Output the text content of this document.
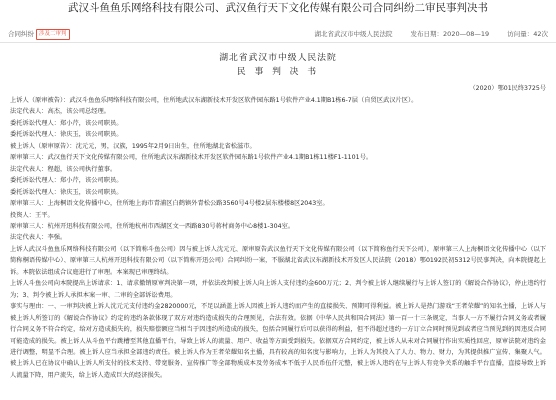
武汉斗鱼鱼乐网络科技有限公司、武汉鱼行天下文化传媒有限公司合同纠纷二审民事判决书
合同纠纷 涉及二审判	湖北省武汉市中级人民法院	发布日期：2020—08—19	访问量：42次
湖北省武汉市中级人民法院
民 事 判 决 书
（2020）鄂01民终3725号
上诉人（原审被告）：武汉斗鱼鱼乐网络科技有限公司，住所地武汉东湖新技术开发区软件园东路1号软件产业4.1期B1栋6-7层（自贸区武汉片区）。
法定代表人：高杰，该公司总经理。
委托诉讼代理人：郑小芹，该公司职员。
委托诉讼代理人：徐庆玉，该公司职员。
被上诉人（原审原告）：沈元元，男，汉族，1995年2月9日出生，住所地湖北省松滋市。
原审第三人：武汉鱼行天下文化传媒有限公司，住所地武汉东湖新技术开发区软件园东路1号软件产业4.1期B1栋11楼F1-1101号。
法定代表人：程超，该公司执行董事。
委托诉讼代理人：郑小芹，该公司职员。
委托诉讼代理人：徐庆玉，该公司职员。
原审第三人：上海桐语文化传播中心，住所地上海市青浦区白鹤镇外青松公路3560号4号楼2层东楼楼8区2043室。
投资人：王平。
原审第三人：杭州开迅科技有限公司，住所地杭州市西湖区文一西路830号蒋村商务中心8楼1-304室。
法定代表人：李强。
上诉人武汉斗鱼鱼乐网络科技有限公司（以下简称斗鱼公司）因与被上诉人沈元元、原审原告武汉鱼行天下文化传媒有限公司（以下简称鱼行天下公司），原审第三人上海桐语文化传播中心（以下简称桐语传媒中心）、原审第三人杭州开迅科技有限公司（以下简称开迅公司）合同纠纷一案，不服湖北省武汉东湖新技术开发区人民法院（2018）鄂0192民初5312号民事判决，向本院提起上诉。本院依法组成合议庭进行了审理。本案现已审理终结。
上诉人斗鱼公司向本院提出上诉请求：1、请求撤销原审判决第一项，并依法改判被上诉人向上诉人支付违约金600万元；2、判令被上诉人继续履行与上诉人签订的《解说合作协议》，停止违约行为；3、判令被上诉人承担本案一审、二审的全部诉讼费用。
事实与理由：一、一审判决被上诉人沈元元支付违约金2820000元，不足以涵盖上诉人因被上诉人违约而产生的直接损失、预期可得利益。被上诉人是热门游戏“王者荣耀”的知名主播，上诉人与被上诉人所签订的《解说合作协议》约定的违约条款体现了双方对违约造成损失的合理预见，合法有效。依据《中华人民共和国合同法》第一百一十三条规定，当事人一方不履行合同义务或者履行合同义务不符合约定，给对方造成损失的，损失赔偿额应当相当于因违约所造成的损失，包括合同履行后可以获得的利益，但不得超过违约一方订立合同时预见到或者应当预见到的因违反合同可能造成的损失。被上诉人从斗鱼平台跳槽至其他直播平台，导致上诉人的流量、用户、收益等方面受到损失。依据双方合同约定，被上诉人从未对合同履行作出实质性回应，原审法院对违约金进行调整，明显不合理。被上诉人应当承担全部违约责任。被上诉人作为王者荣耀知名主播，具有较高的知名度与影响力，上诉人为其投入了人力、物力、财力，为其提供推广宣传、集聚人气。被上诉人已在协议中确认上诉人所支付的技术支持、带宽服务、宣传推广等全部物质成本及劳务成本不低于人民币伍仟元整，被上诉人违约在与上诉人有竞争关系的触手平台直播，直接导致上诉人流量下降，用户流失，给上诉人造成巨大的经济损失。
